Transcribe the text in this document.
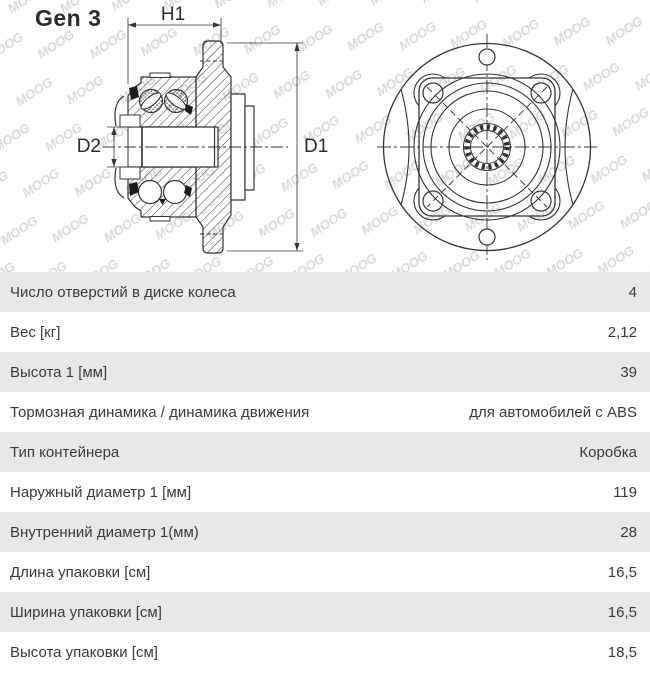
Gen 3	H1
D2	D1
Число отверстий в диске колеса	4
Вес [кг]	2,12
Высота 1 [мм]	39
Тормозная динамика / динамика движения	для автомобилей с ABS
Тип контейнера	Коробка
Наружный диаметр 1 [мм]	119
Внутренний диаметр 1(мм)	28
Длина упаковки [см]	16,5
Ширина упаковки [см]	16,5
Высота упаковки [см]	18,5
